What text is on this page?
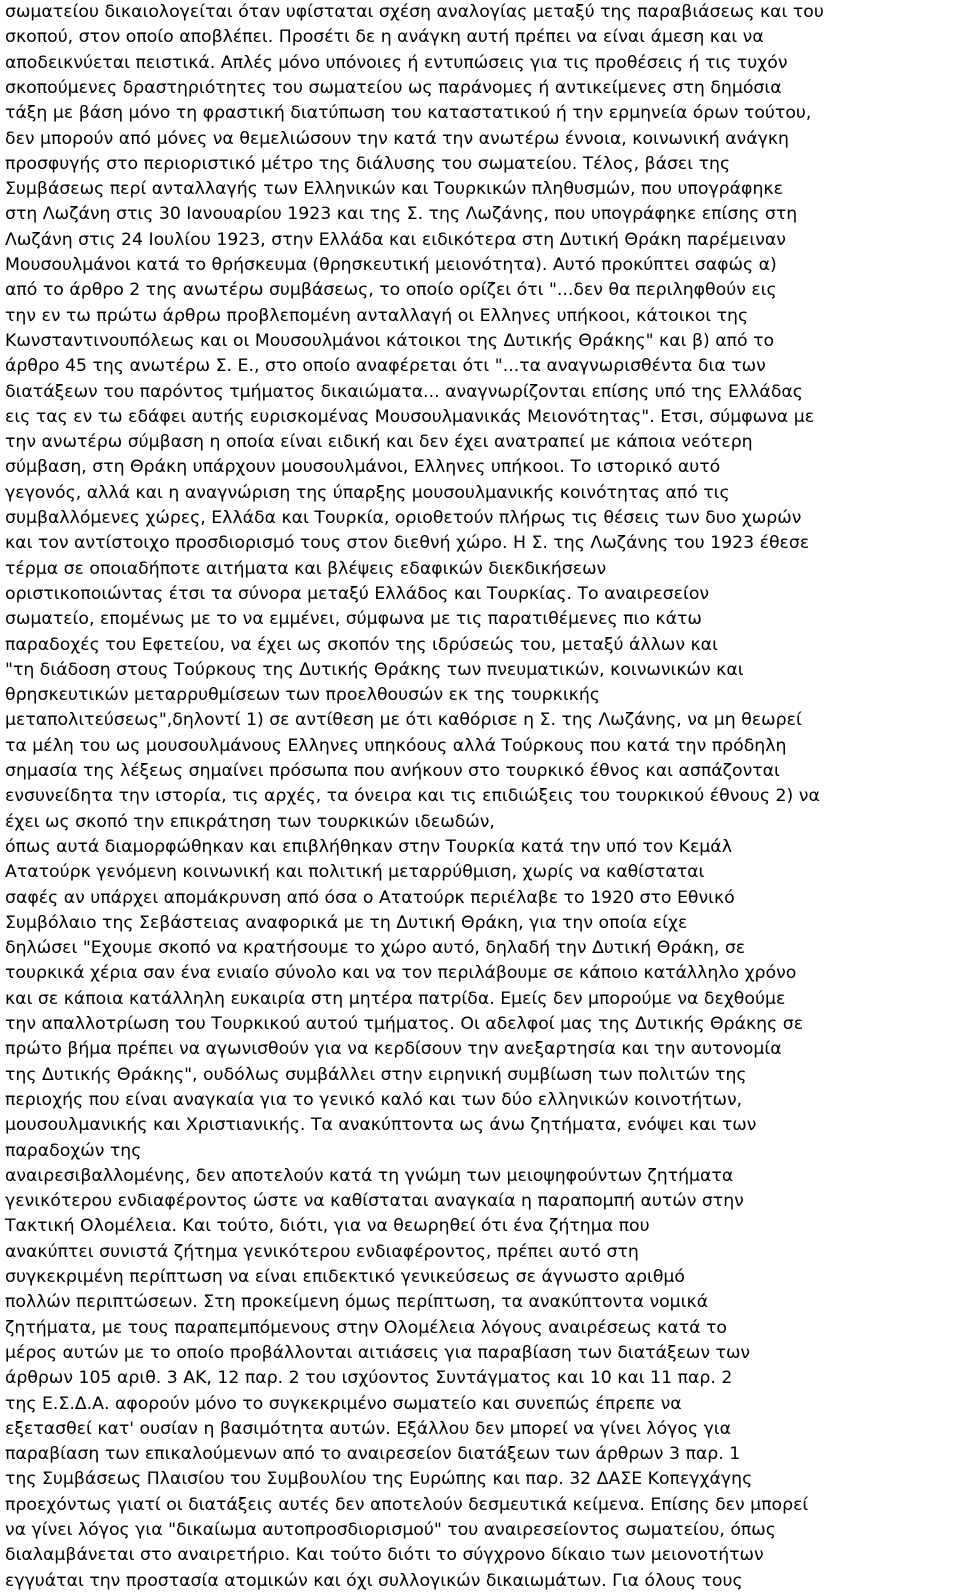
σωματείου δικαιολογείται όταν υφίσταται σχέση αναλογίας μεταξύ της παραβιάσεως και του

σκοπού, στον οποίο αποβλέπει. Προσέτι δε η ανάγκη αυτή πρέπει να είναι άμεση και να

αποδεικνύεται πειστικά. Απλές μόνο υπόνοιες ή εντυπώσεις για τις προθέσεις ή τις τυχόν

σκοπούμενες δραστηριότητες του σωματείου ως παράνομες ή αντικείμενες στη δημόσια

τάξη με βάση μόνο τη φραστική διατύπωση του καταστατικού ή την ερμηνεία όρων τούτου,

δεν μπορούν από μόνες να θεμελιώσουν την κατά την ανωτέρω έννοια, κοινωνική ανάγκη

προσφυγής στο περιοριστικό μέτρο της διάλυσης του σωματείου. Τέλος, βάσει της

Συμβάσεως περί ανταλλαγής των Ελληνικών και Τουρκικών πληθυσμών, που υπογράφηκε

στη Λωζάνη στις 30 Ιανουαρίου 1923 και της Σ. της Λωζάνης, που υπογράφηκε επίσης στη

Λωζάνη στις 24 Ιουλίου 1923, στην Ελλάδα και ειδικότερα στη Δυτική Θράκη παρέμειναν

Μουσουλμάνοι κατά το θρήσκευμα (θρησκευτική μειονότητα). Αυτό προκύπτει σαφώς α)

από το άρθρο 2 της ανωτέρω συμβάσεως, το οποίο ορίζει ότι "...δεν θα περιληφθούν εις

την εν τω πρώτω άρθρω προβλεπομένη ανταλλαγή οι Ελληνες υπήκοοι, κάτοικοι της

Κωνσταντινουπόλεως και οι Μουσουλμάνοι κάτοικοι της Δυτικής Θράκης" και β) από το

άρθρο 45 της ανωτέρω Σ. Ε., στο οποίο αναφέρεται ότι "...τα αναγνωρισθέντα δια των

διατάξεων του παρόντος τμήματος δικαιώματα... αναγνωρίζονται επίσης υπό της Ελλάδας

εις τας εν τω εδάφει αυτής ευρισκομένας Μουσουλμανικάς Μειονότητας". Ετσι, σύμφωνα με

την ανωτέρω σύμβαση η οποία είναι ειδική και δεν έχει ανατραπεί με κάποια νεότερη

σύμβαση, στη Θράκη υπάρχουν μουσουλμάνοι, Ελληνες υπήκοοι. Το ιστορικό αυτό

γεγονός, αλλά και η αναγνώριση της ύπαρξης μουσουλμανικής κοινότητας από τις

συμβαλλόμενες χώρες, Ελλάδα και Τουρκία, οριοθετούν πλήρως τις θέσεις των δυο χωρών

και τον αντίστοιχο προσδιορισμό τους στον διεθνή χώρο. Η Σ. της Λωζάνης του 1923 έθεσε

τέρμα σε οποιαδήποτε αιτήματα και βλέψεις εδαφικών διεκδικήσεων

οριστικοποιώντας έτσι τα σύνορα μεταξύ Ελλάδος και Τουρκίας. Το αναιρεσείον

σωματείο, επομένως με το να εμμένει, σύμφωνα με τις παρατιθέμενες πιο κάτω

παραδοχές του Εφετείου, να έχει ως σκοπόν της ιδρύσεώς του, μεταξύ άλλων και

"τη διάδοση στους Τούρκους της Δυτικής Θράκης των πνευματικών, κοινωνικών και

θρησκευτικών μεταρρυθμίσεων των προελθουσών εκ της τουρκικής

μεταπολιτεύσεως",δηλοντί 1) σε αντίθεση με ότι καθόρισε η Σ. της Λωζάνης, να μη θεωρεί

τα μέλη του ως μουσουλμάνους Ελληνες υπηκόους αλλά Τούρκους που κατά την πρόδηλη

σημασία της λέξεως σημαίνει πρόσωπα που ανήκουν στο τουρκικό έθνος και ασπάζονται

ενσυνείδητα την ιστορία, τις αρχές, τα όνειρα και τις επιδιώξεις του τουρκικού έθνους 2) να

έχει ως σκοπό την επικράτηση των τουρκικών ιδεωδών,

όπως αυτά διαμορφώθηκαν και επιβλήθηκαν στην Τουρκία κατά την υπό τον Κεμάλ

Ατατούρκ γενόμενη κοινωνική και πολιτική μεταρρύθμιση, χωρίς να καθίσταται

σαφές αν υπάρχει απομάκρυνση από όσα ο Ατατούρκ περιέλαβε το 1920 στο Εθνικό

Συμβόλαιο της Σεβάστειας αναφορικά με τη Δυτική Θράκη, για την οποία είχε

δηλώσει "Εχουμε σκοπό να κρατήσουμε το χώρο αυτό, δηλαδή την Δυτική Θράκη, σε

τουρκικά χέρια σαν ένα ενιαίο σύνολο και να τον περιλάβουμε σε κάποιο κατάλληλο χρόνο

και σε κάποια κατάλληλη ευκαιρία στη μητέρα πατρίδα. Εμείς δεν μπορούμε να δεχθούμε

την απαλλοτρίωση του Τουρκικού αυτού τμήματος. Οι αδελφοί μας της Δυτικής Θράκης σε

πρώτο βήμα πρέπει να αγωνισθούν για να κερδίσουν την ανεξαρτησία και την αυτονομία

της Δυτικής Θράκης", ουδόλως συμβάλλει στην ειρηνική συμβίωση των πολιτών της

περιοχής που είναι αναγκαία για το γενικό καλό και των δύο ελληνικών κοινοτήτων,

μουσουλμανικής και Χριστιανικής. Τα ανακύπτοντα ως άνω ζητήματα, ενόψει και των

παραδοχών της

αναιρεσιβαλλομένης, δεν αποτελούν κατά τη γνώμη των μειοψηφούντων ζητήματα

γενικότερου ενδιαφέροντος ώστε να καθίσταται αναγκαία η παραπομπή αυτών στην

Τακτική Ολομέλεια. Και τούτο, διότι, για να θεωρηθεί ότι ένα ζήτημα που

ανακύπτει συνιστά ζήτημα γενικότερου ενδιαφέροντος, πρέπει αυτό στη

συγκεκριμένη περίπτωση να είναι επιδεκτικό γενικεύσεως σε άγνωστο αριθμό

πολλών περιπτώσεων. Στη προκείμενη όμως περίπτωση, τα ανακύπτοντα νομικά

ζητήματα, με τους παραπεμπόμενους στην Ολομέλεια λόγους αναιρέσεως κατά το

μέρος αυτών με το οποίο προβάλλονται αιτιάσεις για παραβίαση των διατάξεων των

άρθρων 105 αριθ. 3 ΑΚ, 12 παρ. 2 του ισχύοντος Συντάγματος και 10 και 11 παρ. 2

της Ε.Σ.Δ.Α. αφορούν μόνο το συγκεκριμένο σωματείο και συνεπώς έπρεπε να

εξετασθεί κατ' ουσίαν η βασιμότητα αυτών. Εξάλλου δεν μπορεί να γίνει λόγος για

παραβίαση των επικαλούμενων από το αναιρεσείον διατάξεων των άρθρων 3 παρ. 1

της Συμβάσεως Πλαισίου του Συμβουλίου της Ευρώπης και παρ. 32 ΔΑΣΕ Κοπεγχάγης

προεχόντως γιατί οι διατάξεις αυτές δεν αποτελούν δεσμευτικά κείμενα. Επίσης δεν μπορεί

να γίνει λόγος για "δικαίωμα αυτοπροσδιορισμού" του αναιρεσείοντος σωματείου, όπως

διαλαμβάνεται στο αναιρετήριο. Και τούτο διότι το σύγχρονο δίκαιο των μειονοτήτων

εγγυάται την προστασία ατομικών και όχι συλλογικών δικαιωμάτων. Για όλους τους
